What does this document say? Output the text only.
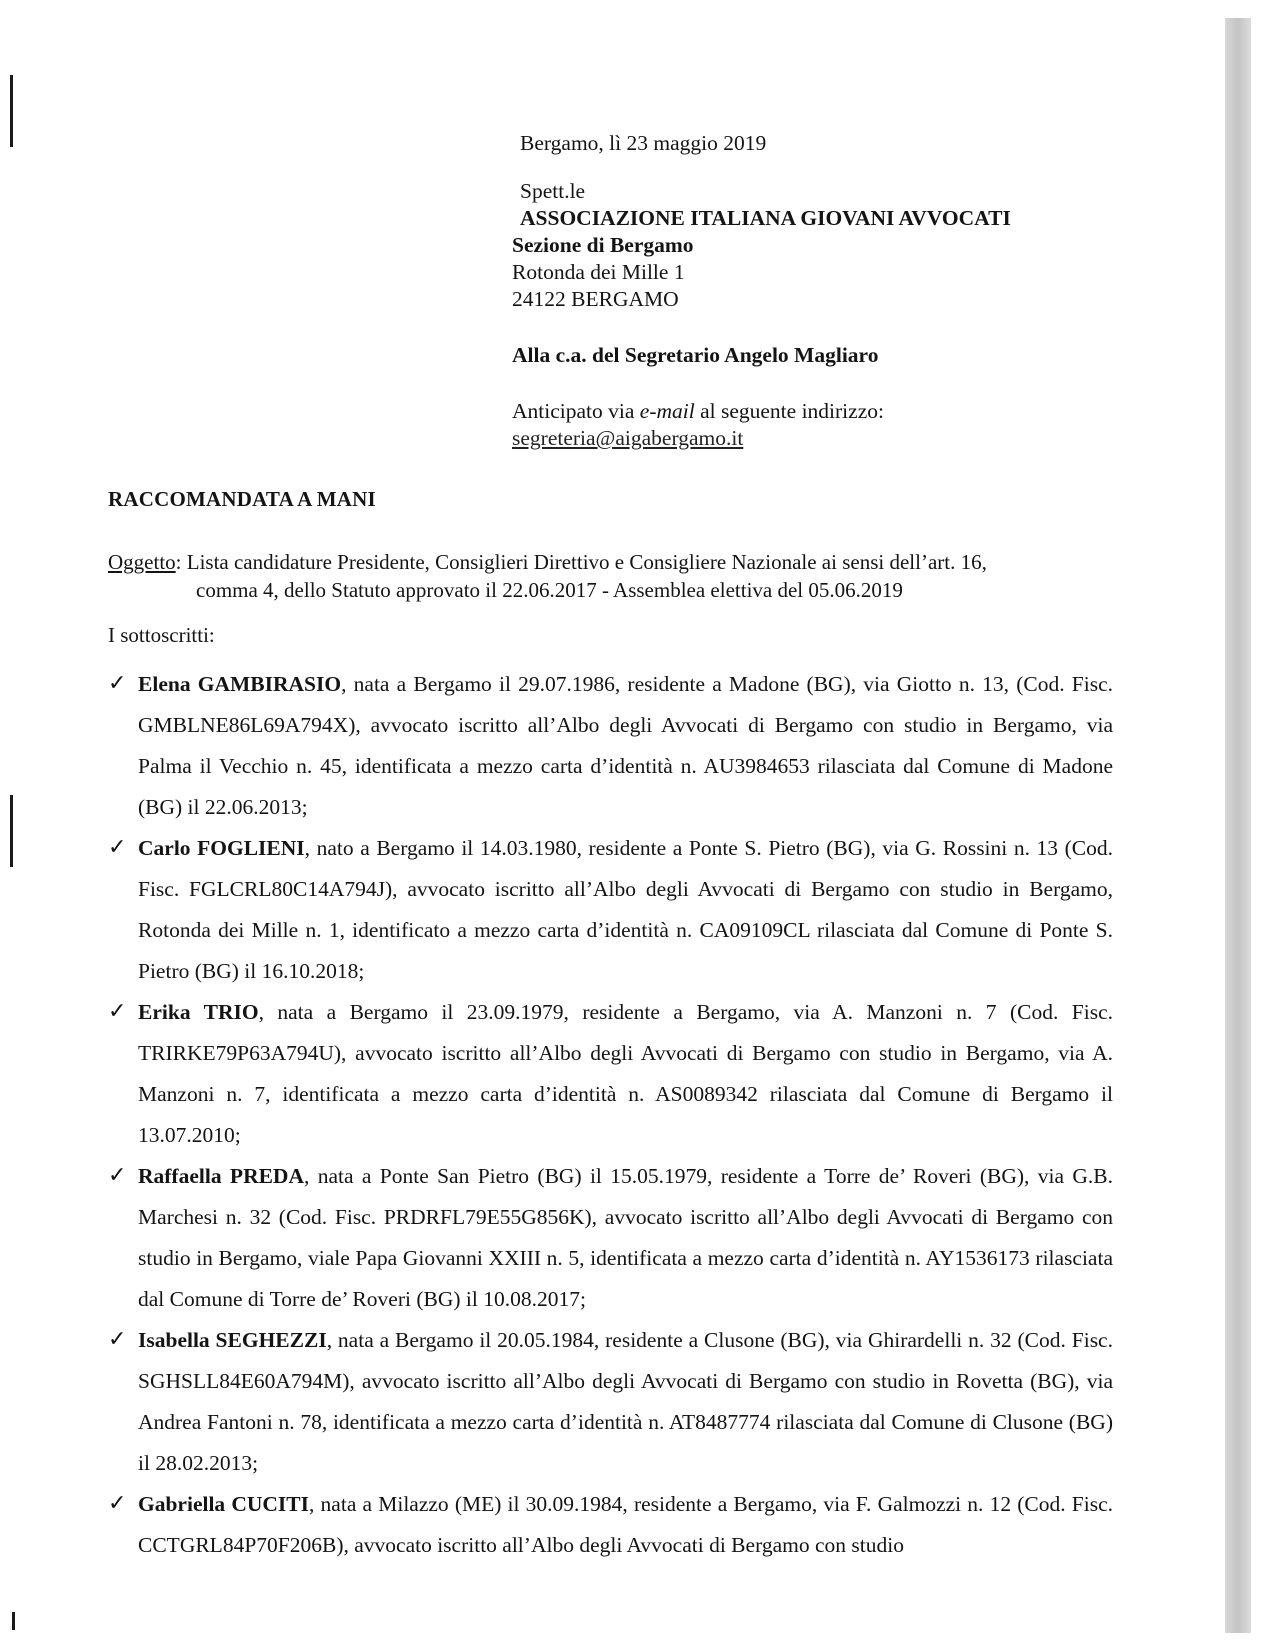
Bergamo, lì 23 maggio 2019
Spett.le
ASSOCIAZIONE ITALIANA GIOVANI AVVOCATI
Sezione di Bergamo
Rotonda dei Mille 1
24122 BERGAMO
Alla c.a. del Segretario Angelo Magliaro
Anticipato via e-mail al seguente indirizzo:
segreteria@aigabergamo.it
RACCOMANDATA A MANI
Oggetto: Lista candidature Presidente, Consiglieri Direttivo e Consigliere Nazionale ai sensi dell’art. 16,
comma 4, dello Statuto approvato il 22.06.2017 - Assemblea elettiva del 05.06.2019
I sottoscritti:
✓ Elena GAMBIRASIO, nata a Bergamo il 29.07.1986, residente a Madone (BG), via Giotto n. 13, (Cod. Fisc. GMBLNE86L69A794X), avvocato iscritto all’Albo degli Avvocati di Bergamo con studio in Bergamo, via Palma il Vecchio n. 45, identificata a mezzo carta d’identità n. AU3984653 rilasciata dal Comune di Madone (BG) il 22.06.2013;
✓ Carlo FOGLIENI, nato a Bergamo il 14.03.1980, residente a Ponte S. Pietro (BG), via G. Rossini n. 13 (Cod. Fisc. FGLCRL80C14A794J), avvocato iscritto all’Albo degli Avvocati di Bergamo con studio in Bergamo, Rotonda dei Mille n. 1, identificato a mezzo carta d’identità n. CA09109CL rilasciata dal Comune di Ponte S. Pietro (BG) il 16.10.2018;
✓ Erika TRIO, nata a Bergamo il 23.09.1979, residente a Bergamo, via A. Manzoni n. 7 (Cod. Fisc. TRIRKE79P63A794U), avvocato iscritto all’Albo degli Avvocati di Bergamo con studio in Bergamo, via A. Manzoni n. 7, identificata a mezzo carta d’identità n. AS0089342 rilasciata dal Comune di Bergamo il 13.07.2010;
✓ Raffaella PREDA, nata a Ponte San Pietro (BG) il 15.05.1979, residente a Torre de’ Roveri (BG), via G.B. Marchesi n. 32 (Cod. Fisc. PRDRFL79E55G856K), avvocato iscritto all’Albo degli Avvocati di Bergamo con studio in Bergamo, viale Papa Giovanni XXIII n. 5, identificata a mezzo carta d’identità n. AY1536173 rilasciata dal Comune di Torre de’ Roveri (BG) il 10.08.2017;
✓ Isabella SEGHEZZI, nata a Bergamo il 20.05.1984, residente a Clusone (BG), via Ghirardelli n. 32 (Cod. Fisc. SGHSLL84E60A794M), avvocato iscritto all’Albo degli Avvocati di Bergamo con studio in Rovetta (BG), via Andrea Fantoni n. 78, identificata a mezzo carta d’identità n. AT8487774 rilasciata dal Comune di Clusone (BG) il 28.02.2013;
✓ Gabriella CUCITI, nata a Milazzo (ME) il 30.09.1984, residente a Bergamo, via F. Galmozzi n. 12 (Cod. Fisc. CCTGRL84P70F206B), avvocato iscritto all’Albo degli Avvocati di Bergamo con studio
